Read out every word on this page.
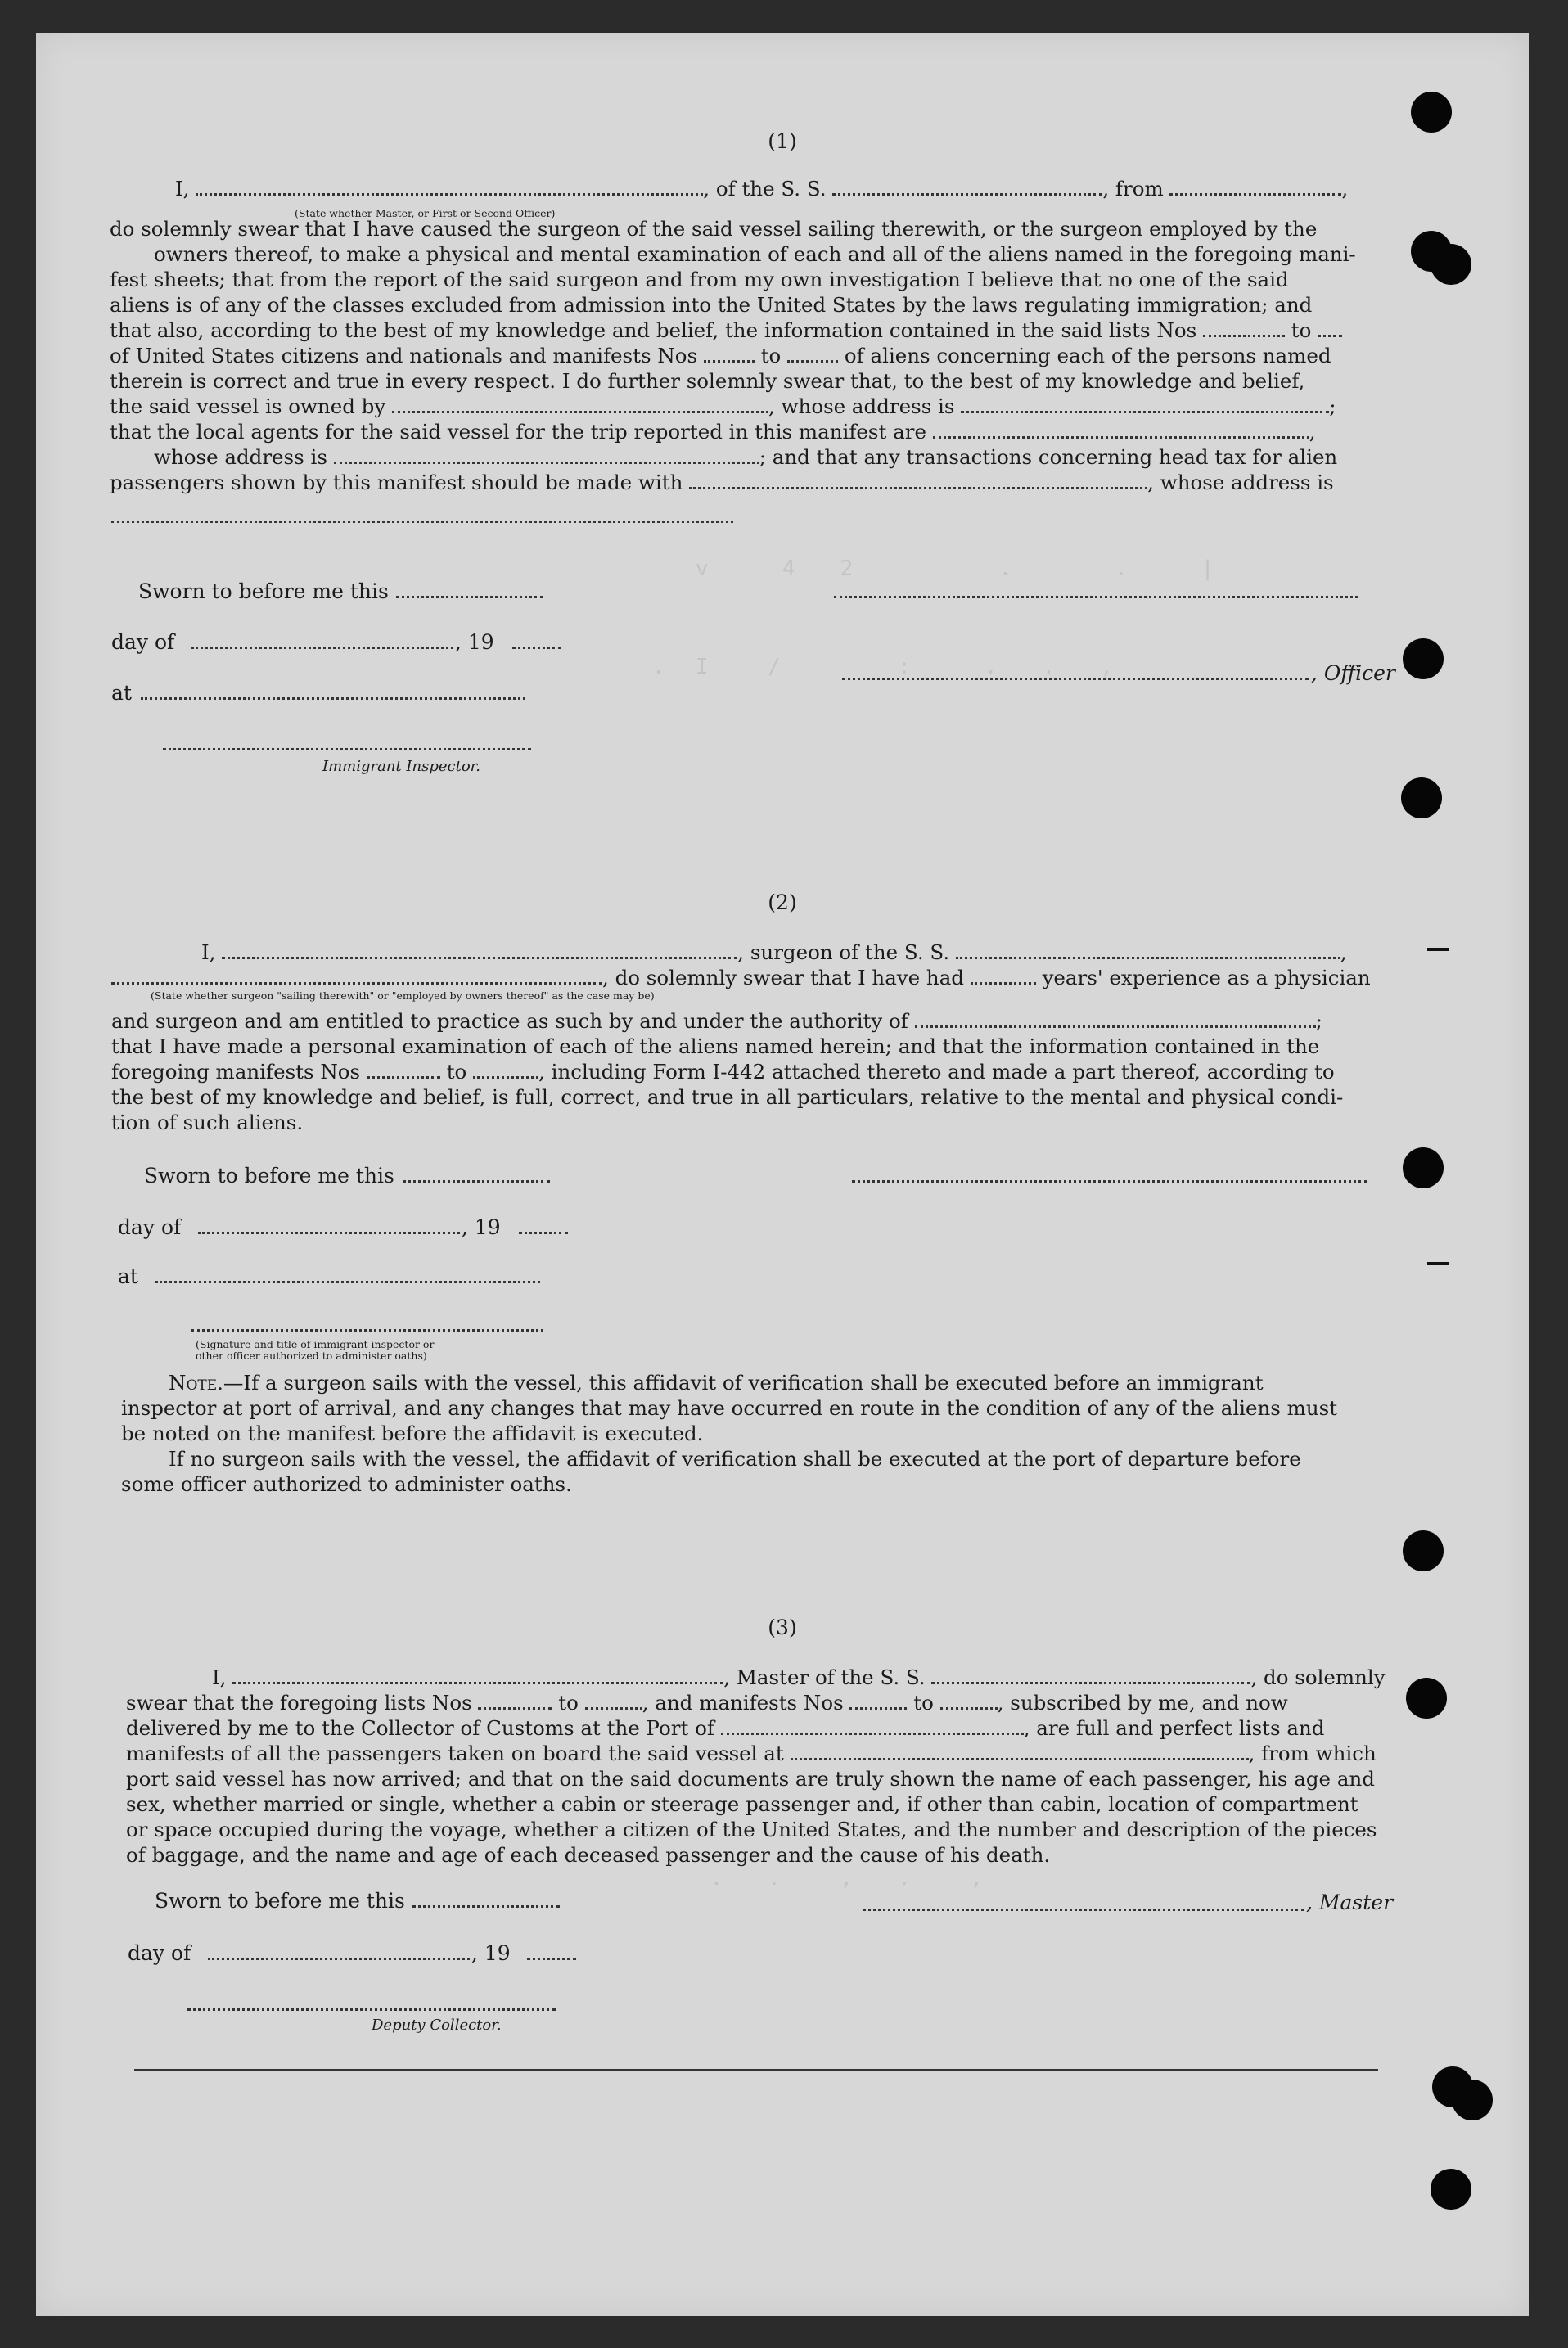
v     4   2          .       .     |
.  I    /        :     .   .   ,
.   .    ,   .    ,
(1)
I,	, of the S. S.	, from	,
do solemnly swear that I have caused the surgeon of the said vessel sailing therewith, or the surgeon employed by the
owners thereof, to make a physical and mental examination of each and all of the aliens named in the foregoing mani-
fest sheets; that from the report of the said surgeon and from my own investigation I believe that no one of the said
aliens is of any of the classes excluded from admission into the United States by the laws regulating immigration; and
that also, according to the best of my knowledge and belief, the information contained in the said lists Nos	to
of United States citizens and nationals and manifests Nos	to	of aliens concerning each of the persons named
therein is correct and true in every respect. I do further solemnly swear that, to the best of my knowledge and belief,
the said vessel is owned by	, whose address is	;
that the local agents for the said vessel for the trip reported in this manifest are	,
whose address is	; and that any transactions concerning head tax for alien
passengers shown by this manifest should be made with	, whose address is
Sworn to before me this
day of	, 19
at
Immigrant Inspector.
, Officer
(2)
I,	, surgeon of the S. S.	,
, do solemnly swear that I have had	years' experience as a physician
and surgeon and am entitled to practice as such by and under the authority of	;
that I have made a personal examination of each of the aliens named herein; and that the information contained in the
foregoing manifests Nos	to	, including Form I-442 attached thereto and made a part thereof, according to
the best of my knowledge and belief, is full, correct, and true in all particulars, relative to the mental and physical condi-
tion of such aliens.
(State whether surgeon "sailing therewith" or "employed by owners thereof" as the case may be)
(State whether Master, or First or Second Officer)
Sworn to before me this
day of	, 19
at
(Signature and title of immigrant inspector or
other officer authorized to administer oaths)
Note.—If a surgeon sails with the vessel, this affidavit of verification shall be executed before an immigrant
inspector at port of arrival, and any changes that may have occurred en route in the condition of any of the aliens must
be noted on the manifest before the affidavit is executed.
If no surgeon sails with the vessel, the affidavit of verification shall be executed at the port of departure before
some officer authorized to administer oaths.
(3)
I,	, Master of the S. S.	, do solemnly
swear that the foregoing lists Nos	to	, and manifests Nos	to	, subscribed by me, and now
delivered by me to the Collector of Customs at the Port of	, are full and perfect lists and
manifests of all the passengers taken on board the said vessel at	, from which
port said vessel has now arrived; and that on the said documents are truly shown the name of each passenger, his age and
sex, whether married or single, whether a cabin or steerage passenger and, if other than cabin, location of compartment
or space occupied during the voyage, whether a citizen of the United States, and the number and description of the pieces
of baggage, and the name and age of each deceased passenger and the cause of his death.
Sworn to before me this
day of	, 19
Deputy Collector.
, Master
